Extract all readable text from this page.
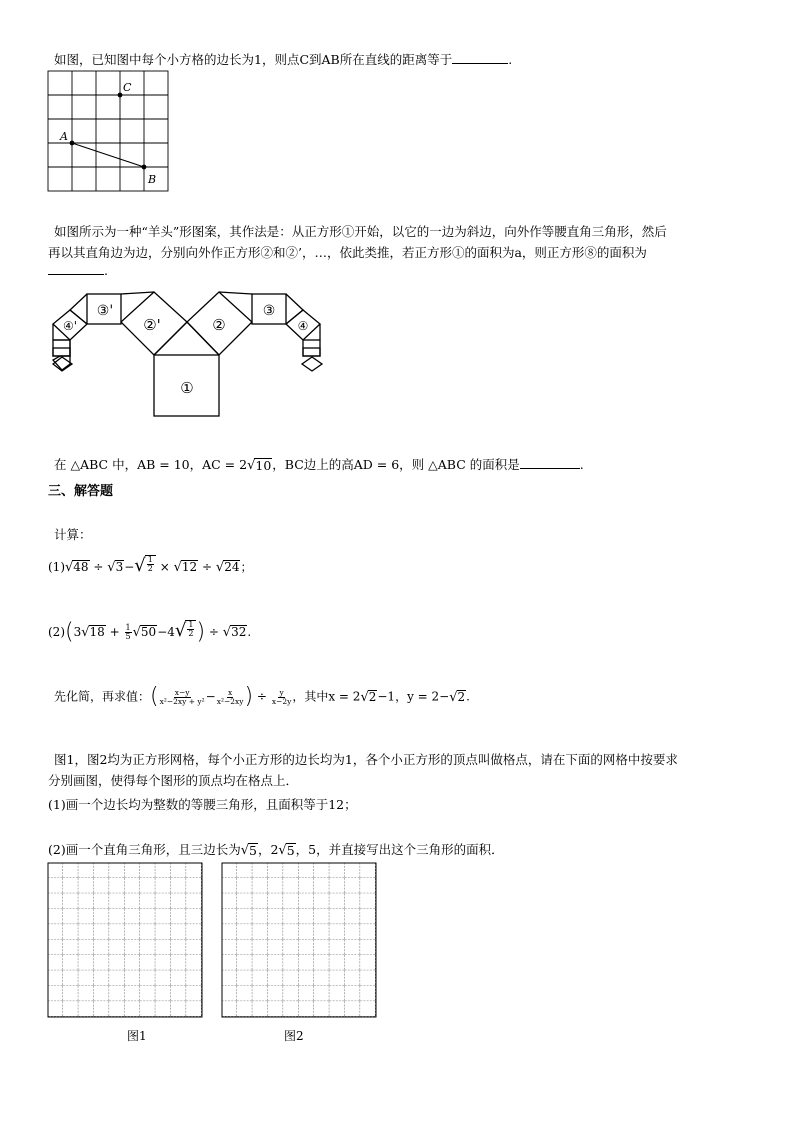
如图，已知图中每个小方格的边长为1，则点C到AB所在直线的距离等于	.
A
B
C
如图所示为一种“羊头”形图案，其作法是：从正方形①开始，以它的一边为斜边，向外作等腰直角三角形，然后
再以其直角边为边，分别向外作正方形②和②’，…，依此类推，若正方形①的面积为a，则正方形⑧的面积为
.
①
②'	②
③'	③
④'	④
在 △ABC 中，AB = 10，AC = 2 √ 10 ，BC边上的高AD = 6，则 △ABC 的面积是	.
三、解答题
计算：
(1) √ 48 ÷ √ 3 − √ $\frac{1}{2}$ × √ 12 ÷ √ 24 ；
(2)(3 √ $18 + \frac{1}{5}$ √ 50 −4 √ $\frac{1}{2}$ ) ÷ √ 32 .
先化简，再求值：( $\frac{x-y}{\text{x²−2xy + y²}} - \frac{x}{\text{x²−2xy}}$ ) ÷ $\frac{y}{x-2y}$ ，其中x = 2 √ 2 −1，y = 2− √ 2 .
图1，图2均为正方形网格，每个小正方形的边长均为1，各个小正方形的顶点叫做格点，请在下面的网格中按要求
分别画图，使得每个图形的顶点均在格点上．
(1)画一个边长均为整数的等腰三角形，且面积等于12；
(2)画一个直角三角形，且三边长为 √ 5 ，2 √ 5 ，5，并直接写出这个三角形的面积．
图1	图2
